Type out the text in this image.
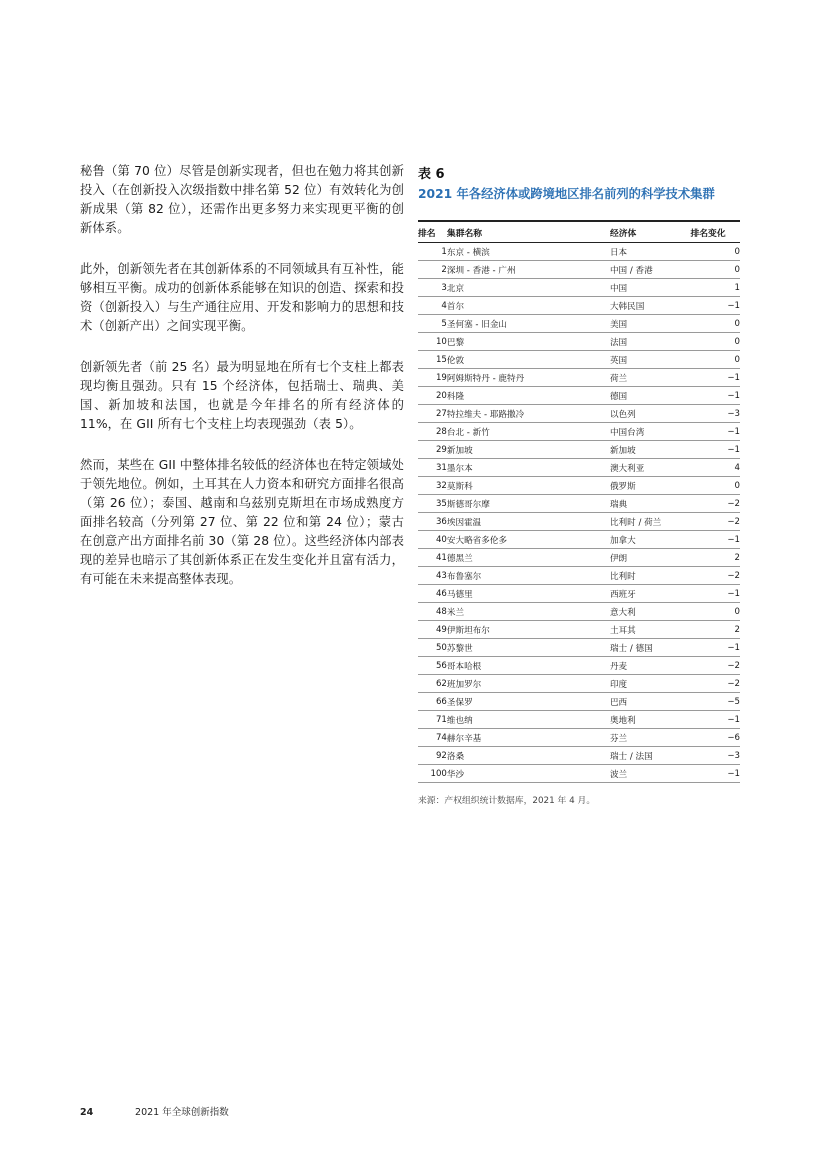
秘鲁（第 70 位）尽管是创新实现者，但也在勉力将其创新投入（在创新投入次级指数中排名第 52 位）有效转化为创新成果（第 82 位），还需作出更多努力来实现更平衡的创新体系。

此外，创新领先者在其创新体系的不同领域具有互补性，能够相互平衡。成功的创新体系能够在知识的创造、探索和投资（创新投入）与生产通往应用、开发和影响力的思想和技术（创新产出）之间实现平衡。

创新领先者（前 25 名）最为明显地在所有七个支柱上都表现均衡且强劲。只有 15 个经济体，包括瑞士、瑞典、美国、新加坡和法国，也就是今年排名的所有经济体的 11%，在 GII 所有七个支柱上均表现强劲（表 5）。

然而，某些在 GII 中整体排名较低的经济体也在特定领域处于领先地位。例如，土耳其在人力资本和研究方面排名很高（第 26 位）；泰国、越南和乌兹别克斯坦在市场成熟度方面排名较高（分列第 27 位、第 22 位和第 24 位）；蒙古在创意产出方面排名前 30（第 28 位）。这些经济体内部表现的差异也暗示了其创新体系正在发生变化并且富有活力，有可能在未来提高整体表现。

表 6
2021 年各经济体或跨境地区排名前列的科学技术集群
排名	集群名称	经济体	排名变化
1	东京 - 横滨	日本	0
2	深圳 - 香港 - 广州	中国 / 香港	0
3	北京	中国	1
4	首尔	大韩民国	−1
5	圣何塞 - 旧金山	美国	0
10	巴黎	法国	0
15	伦敦	英国	0
19	阿姆斯特丹 - 鹿特丹	荷兰	−1
20	科隆	德国	−1
27	特拉维夫 - 耶路撒冷	以色列	−3
28	台北 - 新竹	中国台湾	−1
29	新加坡	新加坡	−1
31	墨尔本	澳大利亚	4
32	莫斯科	俄罗斯	0
35	斯德哥尔摩	瑞典	−2
36	埃因霍温	比利时 / 荷兰	−2
40	安大略省多伦多	加拿大	−1
41	德黑兰	伊朗	2
43	布鲁塞尔	比利时	−2
46	马德里	西班牙	−1
48	米兰	意大利	0
49	伊斯坦布尔	土耳其	2
50	苏黎世	瑞士 / 德国	−1
56	哥本哈根	丹麦	−2
62	班加罗尔	印度	−2
66	圣保罗	巴西	−5
71	维也纳	奥地利	−1
74	赫尔辛基	芬兰	−6
92	洛桑	瑞士 / 法国	−3
100	华沙	波兰	−1
来源：产权组织统计数据库，2021 年 4 月。
24	2021 年全球创新指数
